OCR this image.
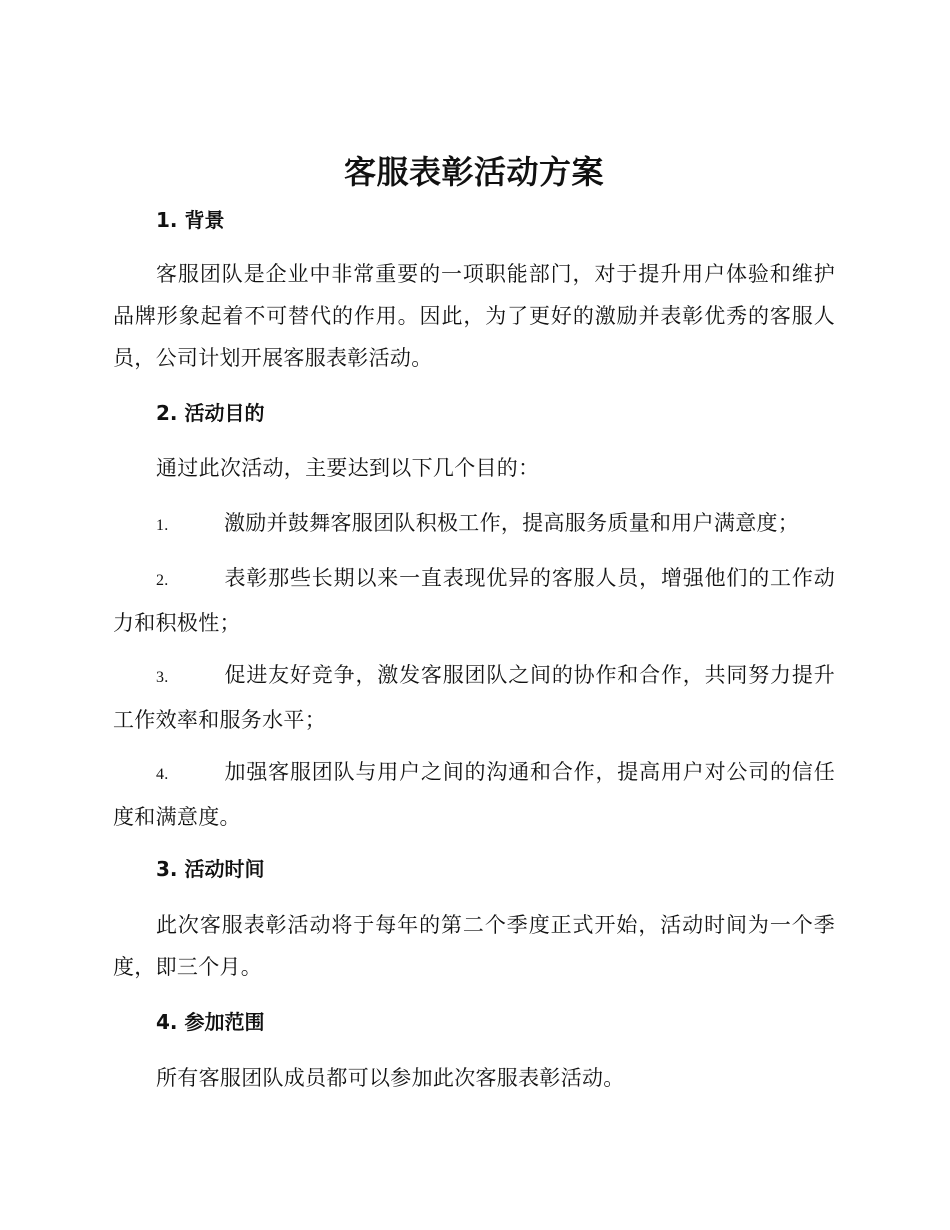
客服表彰活动方案
1. 背景
客服团队是企业中非常重要的一项职能部门，对于提升用户体验和维护品牌形象起着不可替代的作用。因此，为了更好的激励并表彰优秀的客服人员，公司计划开展客服表彰活动。
2. 活动目的
通过此次活动，主要达到以下几个目的：
1.	激励并鼓舞客服团队积极工作，提高服务质量和用户满意度；
2.	表彰那些长期以来一直表现优异的客服人员，增强他们的工作动力和积极性；
3.	促进友好竞争，激发客服团队之间的协作和合作，共同努力提升工作效率和服务水平；
4.	加强客服团队与用户之间的沟通和合作，提高用户对公司的信任度和满意度。
3. 活动时间
此次客服表彰活动将于每年的第二个季度正式开始，活动时间为一个季度，即三个月。
4. 参加范围
所有客服团队成员都可以参加此次客服表彰活动。
